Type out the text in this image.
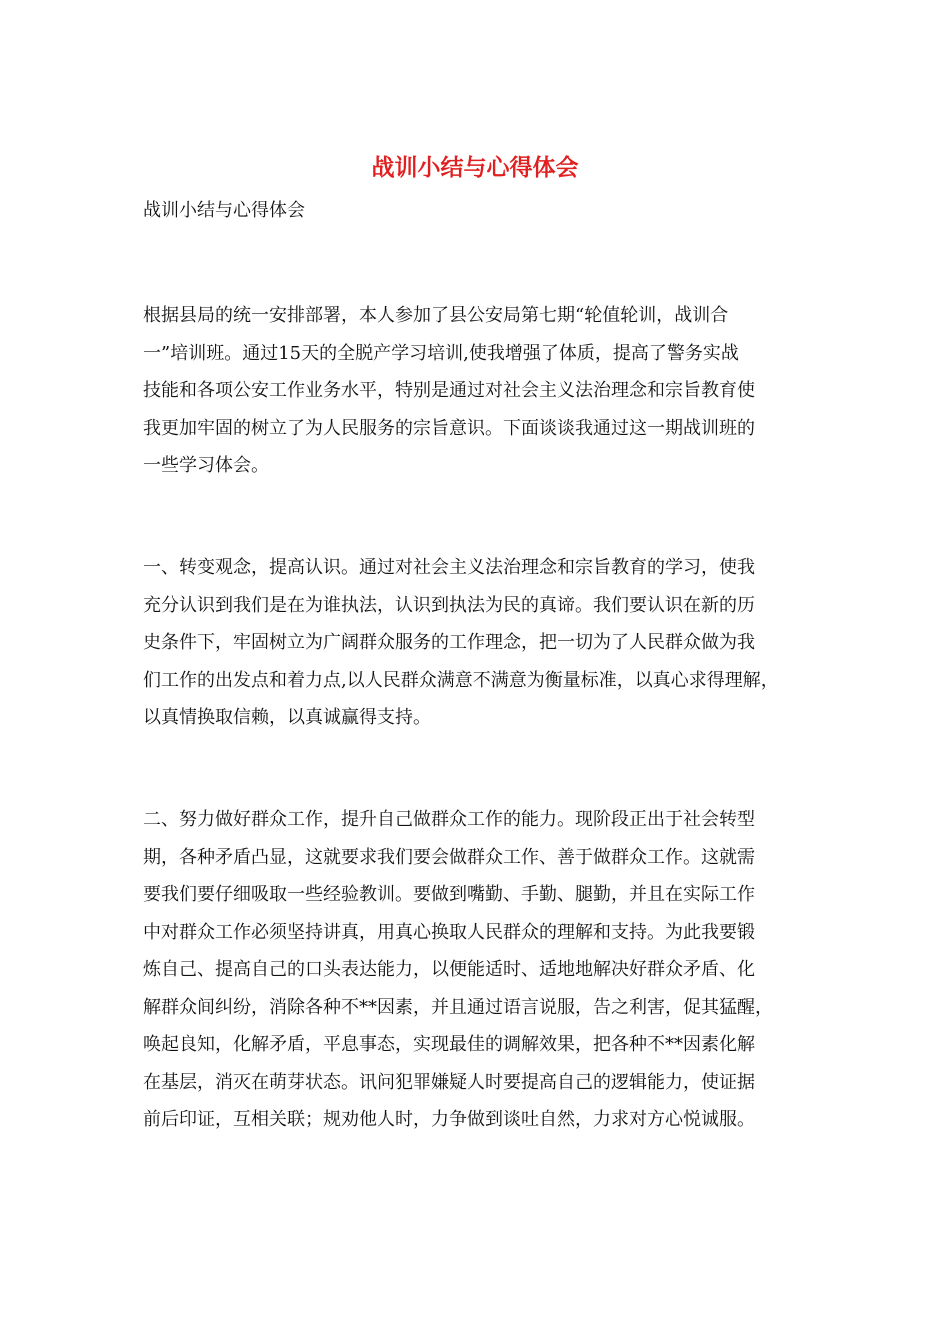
战训小结与心得体会
战训小结与心得体会
根据县局的统一安排部署，本人参加了县公安局第七期“轮值轮训，战训合
一”培训班。通过15天的全脱产学习培训,使我增强了体质，提高了警务实战
技能和各项公安工作业务水平，特别是通过对社会主义法治理念和宗旨教育使
我更加牢固的树立了为人民服务的宗旨意识。下面谈谈我通过这一期战训班的
一些学习体会。
一、转变观念，提高认识。通过对社会主义法治理念和宗旨教育的学习，使我
充分认识到我们是在为谁执法，认识到执法为民的真谛。我们要认识在新的历
史条件下，牢固树立为广阔群众服务的工作理念，把一切为了人民群众做为我
们工作的出发点和着力点,以人民群众满意不满意为衡量标准，以真心求得理解，
以真情换取信赖，以真诚赢得支持。
二、努力做好群众工作，提升自己做群众工作的能力。现阶段正出于社会转型
期，各种矛盾凸显，这就要求我们要会做群众工作、善于做群众工作。这就需
要我们要仔细吸取一些经验教训。要做到嘴勤、手勤、腿勤，并且在实际工作
中对群众工作必须坚持讲真，用真心换取人民群众的理解和支持。为此我要锻
炼自己、提高自己的口头表达能力，以便能适时、适地地解决好群众矛盾、化
解群众间纠纷，消除各种不**因素，并且通过语言说服，告之利害，促其猛醒，
唤起良知，化解矛盾，平息事态，实现最佳的调解效果，把各种不**因素化解
在基层，消灭在萌芽状态。讯问犯罪嫌疑人时要提高自己的逻辑能力，使证据
前后印证，互相关联；规劝他人时，力争做到谈吐自然，力求对方心悦诚服。
